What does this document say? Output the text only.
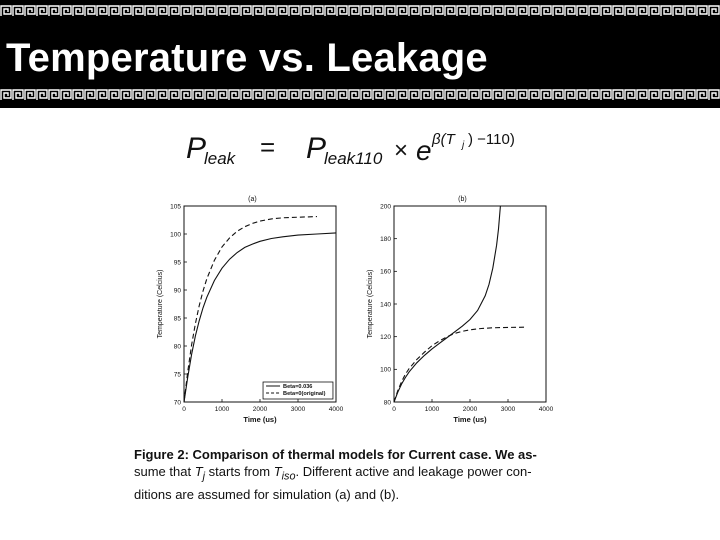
Temperature vs. Leakage
P
leak = P
leak110 × e β(T j ) −110)
(a)
0	1000	2000	3000	4000
70
75
80
85
90
95
100
105
Time (us)
Temperature (Celcius)
Beta=0.036
Beta=0(original)
(b)
0	1000	2000	3000	4000
80
100
120
140
160
180
200
Time (us)
Temperature (Celcius)
Figure 2: Comparison of thermal models for Current case. We as-
sume that $T_j$ starts from $T_{iso}$. Different active and leakage power con-
ditions are assumed for simulation (a) and (b).
